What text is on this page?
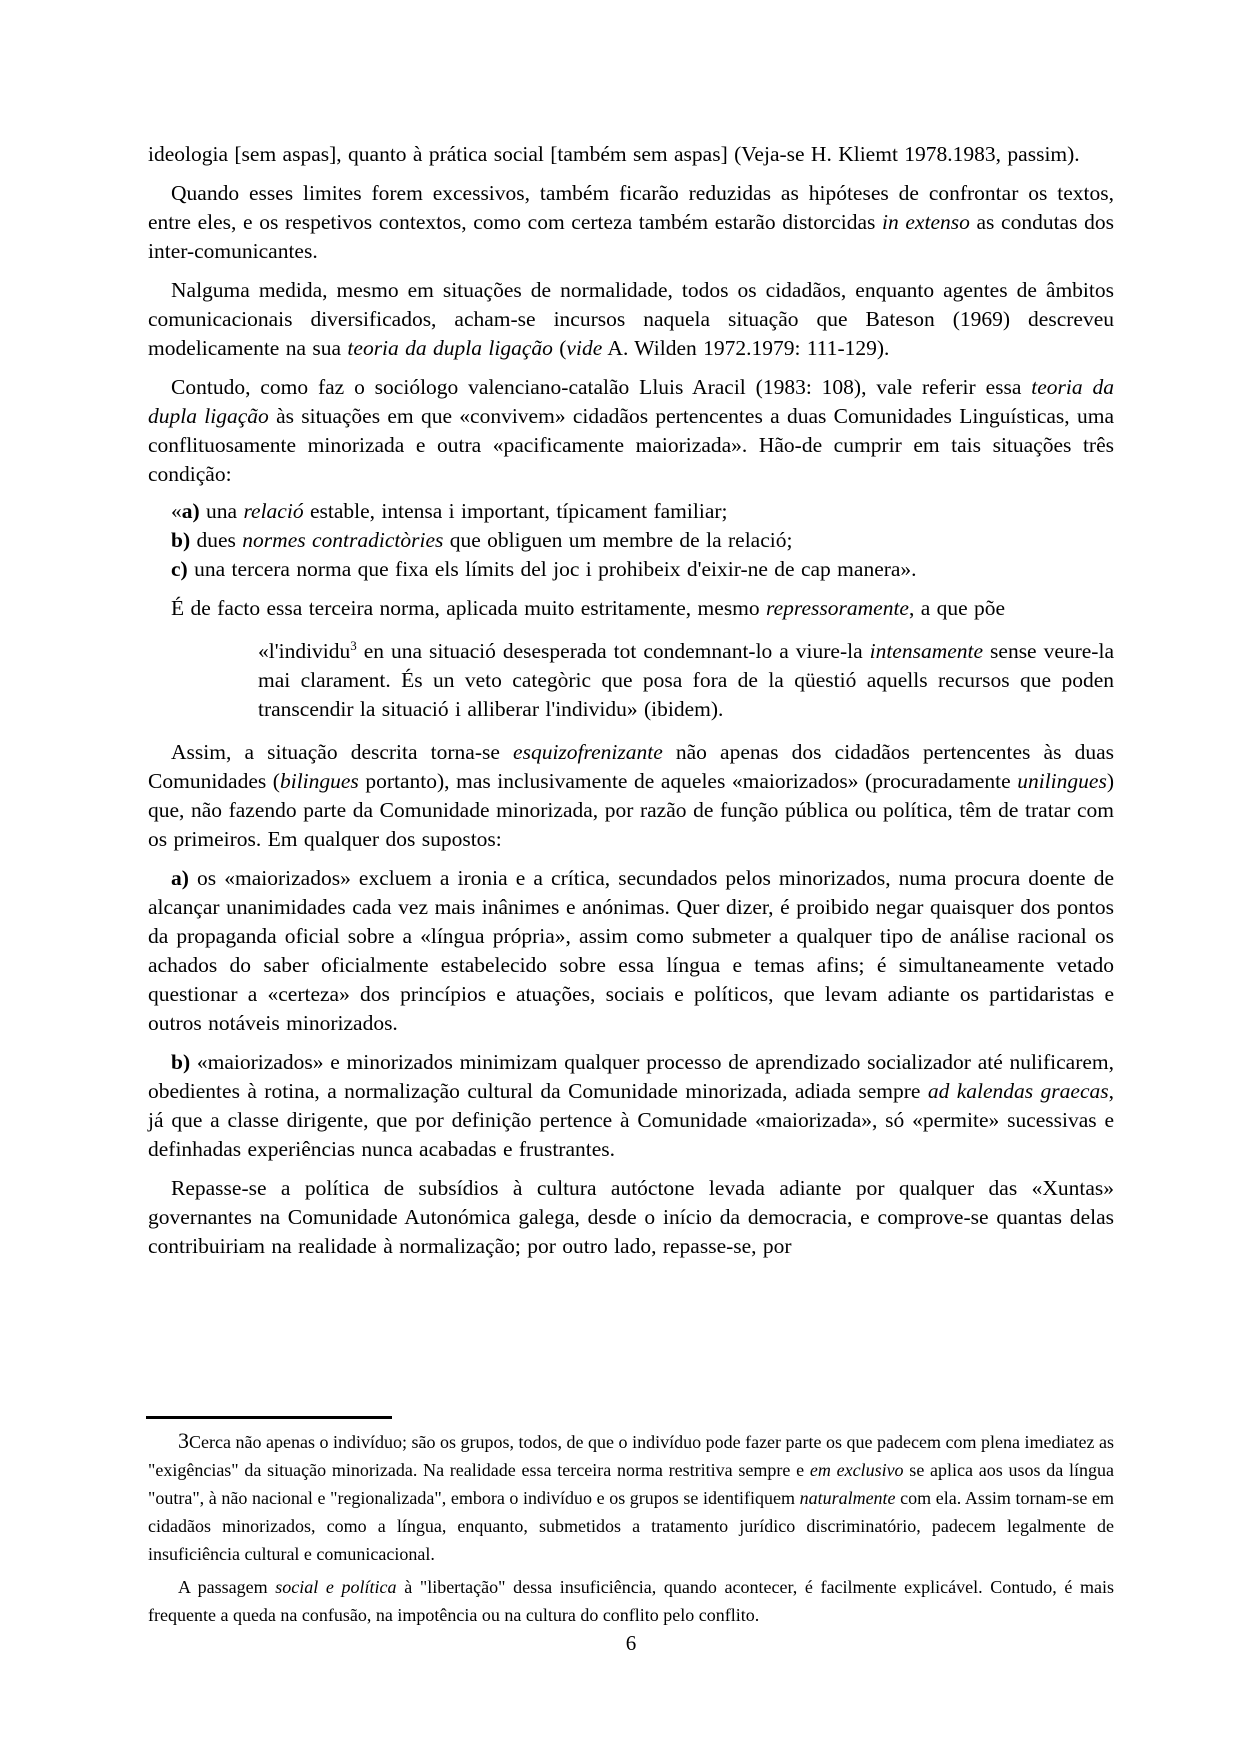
ideologia [sem aspas], quanto à prática social [também sem aspas] (Veja-se H. Kliemt 1978.1983, passim).

Quando esses limites forem excessivos, também ficarão reduzidas as hipóteses de confrontar os textos, entre eles, e os respetivos contextos, como com certeza também estarão distorcidas in extenso as condutas dos inter-comunicantes.

Nalguma medida, mesmo em situações de normalidade, todos os cidadãos, enquanto agentes de âmbitos comunicacionais diversificados, acham-se incursos naquela situação que Bateson (1969) descreveu modelicamente na sua teoria da dupla ligação (vide A. Wilden 1972.1979: 111-129).

Contudo, como faz o sociólogo valenciano-catalão Lluis Aracil (1983: 108), vale referir essa teoria da dupla ligação às situações em que «convivem» cidadãos pertencentes a duas Comunidades Linguísticas, uma conflituosamente minorizada e outra «pacificamente maiorizada». Hão-de cumprir em tais situações três condição:

«a) una relació estable, intensa i important, típicament familiar;

b) dues normes contradictòries que obliguen um membre de la relació;

c) una tercera norma que fixa els límits del joc i prohibeix d'eixir-ne de cap manera».

É de facto essa terceira norma, aplicada muito estritamente, mesmo repressoramente, a que põe

«l'individu$^3$ en una situació desesperada tot condemnant-lo a viure-la intensamente sense veure-la mai clarament. És un veto categòric que posa fora de la qüestió aquells recursos que poden transcendir la situació i alliberar l'individu» (ibidem).

Assim, a situação descrita torna-se esquizofrenizante não apenas dos cidadãos pertencentes às duas Comunidades (bilingues portanto), mas inclusivamente de aqueles «maiorizados» (procuradamente unilingues) que, não fazendo parte da Comunidade minorizada, por razão de função pública ou política, têm de tratar com os primeiros. Em qualquer dos supostos:

a) os «maiorizados» excluem a ironia e a crítica, secundados pelos minorizados, numa procura doente de alcançar unanimidades cada vez mais inânimes e anónimas. Quer dizer, é proibido negar quaisquer dos pontos da propaganda oficial sobre a «língua própria», assim como submeter a qualquer tipo de análise racional os achados do saber oficialmente estabelecido sobre essa língua e temas afins; é simultaneamente vetado questionar a «certeza» dos princípios e atuações, sociais e políticos, que levam adiante os partidaristas e outros notáveis minorizados.

b) «maiorizados» e minorizados minimizam qualquer processo de aprendizado socializador até nulificarem, obedientes à rotina, a normalização cultural da Comunidade minorizada, adiada sempre ad kalendas graecas, já que a classe dirigente, que por definição pertence à Comunidade «maiorizada», só «permite» sucessivas e definhadas experiências nunca acabadas e frustrantes.

Repasse-se a política de subsídios à cultura autóctone levada adiante por qualquer das «Xuntas» governantes na Comunidade Autonómica galega, desde o início da democracia, e comprove-se quantas delas contribuiriam na realidade à normalização; por outro lado, repasse-se, por

3Cerca não apenas o indivíduo; são os grupos, todos, de que o indivíduo pode fazer parte os que padecem com plena imediatez as "exigências" da situação minorizada. Na realidade essa terceira norma restritiva sempre e em exclusivo se aplica aos usos da língua "outra", à não nacional e "regionalizada", embora o indivíduo e os grupos se identifiquem naturalmente com ela. Assim tornam-se em cidadãos minorizados, como a língua, enquanto, submetidos a tratamento jurídico discriminatório, padecem legalmente de insuficiência cultural e comunicacional.

A passagem social e política à "libertação" dessa insuficiência, quando acontecer, é facilmente explicável. Contudo, é mais frequente a queda na confusão, na impotência ou na cultura do conflito pelo conflito.

6
